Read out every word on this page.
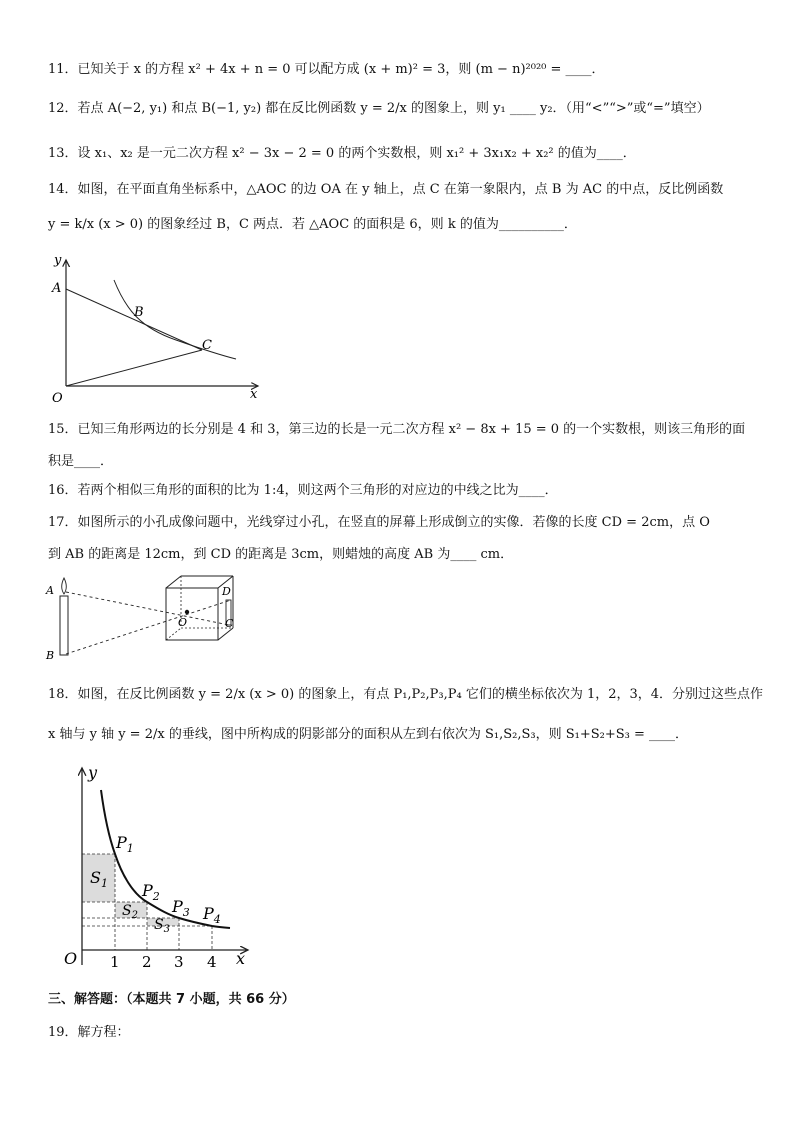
11．已知关于 x 的方程 x² + 4x + n = 0 可以配方成 (x + m)² = 3，则 (m − n)²⁰²⁰ = ____．
12．若点 A(−2, y₁) 和点 B(−1, y₂) 都在反比例函数 y = 2/x 的图象上，则 y₁ ____ y₂．（用“<”“>”或“=”填空）
13．设 x₁、x₂ 是一元二次方程 x² − 3x − 2 = 0 的两个实数根，则 x₁² + 3x₁x₂ + x₂² 的值为____．
14．如图，在平面直角坐标系中，△AOC 的边 OA 在 y 轴上，点 C 在第一象限内，点 B 为 AC 的中点，反比例函数
y = k/x (x > 0) 的图象经过 B，C 两点．若 △AOC 的面积是 6，则 k 的值为__________．
y
x
O
A
B
C
15．已知三角形两边的长分别是 4 和 3，第三边的长是一元二次方程 x² − 8x + 15 = 0 的一个实数根，则该三角形的面
积是____．
16．若两个相似三角形的面积的比为 1:4，则这两个三角形的对应边的中线之比为____．
17．如图所示的小孔成像问题中，光线穿过小孔，在竖直的屏幕上形成倒立的实像．若像的长度 CD = 2cm，点 O
到 AB 的距离是 12cm，到 CD 的距离是 3cm，则蜡烛的高度 AB 为____ cm．
A
B
O	C
D
18．如图，在反比例函数 y = 2/x (x > 0) 的图象上，有点 P₁,P₂,P₃,P₄ 它们的横坐标依次为 1，2，3，4．分别过这些点作
x 轴与 y 轴 y = 2/x 的垂线，图中所构成的阴影部分的面积从左到右依次为 S₁,S₂,S₃，则 S₁+S₂+S₃ = ____．
y
x
O
$P_1$
$P_2$
$P_3$ $P_4$
$S_1$
$S_2$
$S_3$
1 2 3 4
三、解答题：（本题共 7 小题，共 66 分）
19．解方程：
